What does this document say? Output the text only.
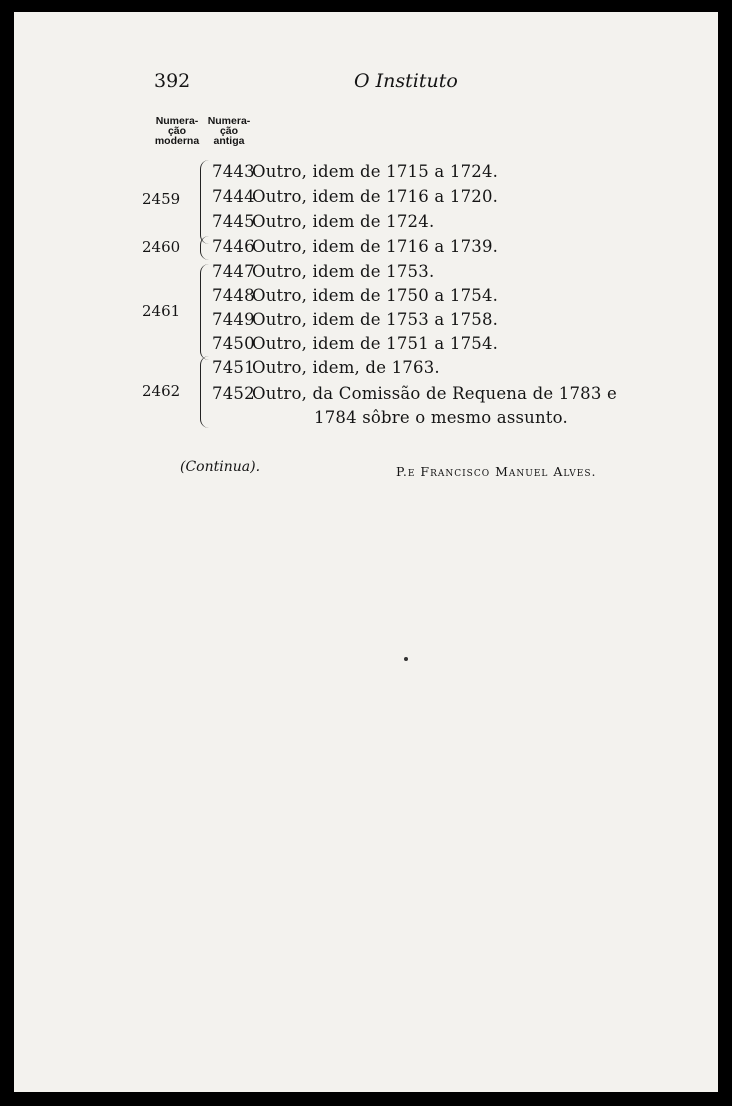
392	O Instituto
Numera-
ção
moderna
Numera-
ção
antiga
2459
2460
2461
2462
7443Outro, idem de 1715 a 1724.
7444Outro, idem de 1716 a 1720.
7445Outro, idem de 1724.
7446Outro, idem de 1716 a 1739.
7447Outro, idem de 1753.
7448Outro, idem de 1750 a 1754.
7449Outro, idem de 1753 a 1758.
7450Outro, idem de 1751 a 1754.
7451Outro, idem, de 1763.
7452Outro, da Comissão de Requena de 1783 e
1784 sôbre o mesmo assunto.
(Continua).	P.e Francisco Manuel Alves.
